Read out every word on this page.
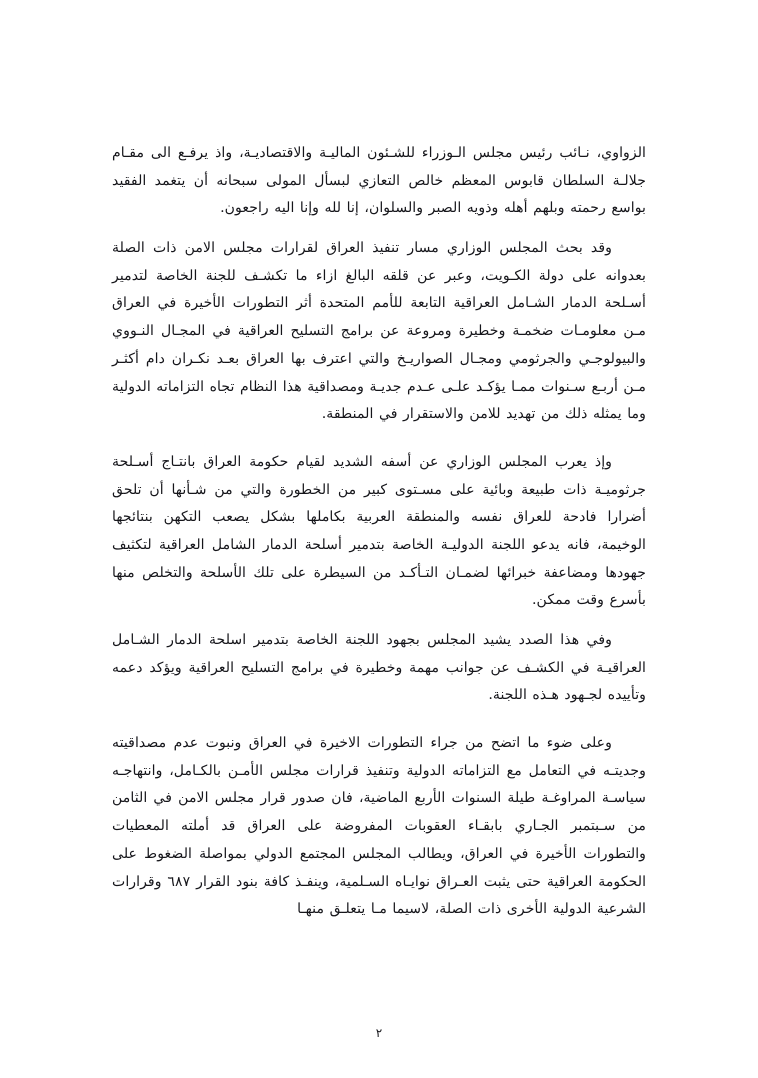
الزواوي، نـائب رئيس مجلس الـوزراء للشـئون الماليـة والاقتصاديـة، واذ يرفـع الى مقـام جلالـة السلطان قابوس المعظم خالص التعازي لبسأل المولى سبحانه أن يتغمد الفقيد بواسع رحمته وبلهم أهله وذويه الصبر والسلوان، إنا لله وإنا اليه راجعون.

وقد بحث المجلس الوزاري مسار تنفيذ العراق لقرارات مجلس الامن ذات الصلة بعدوانه على دولة الكـويت، وعبر عن قلقه البالغ ازاء ما تكشـف للجنة الخاصة لتدمير أسـلحة الدمار الشـامل العراقية التابعة للأمم المتحدة أثر التطورات الأخيرة في العراق مـن معلومـات ضخمـة وخطيرة ومروعة عن برامج التسليح العراقية في المجـال النـووي والبيولوجـي والجرثومي ومجـال الصواريـخ والتي اعترف بها العراق بعـد نكـران دام أكثـر مـن أربـع سـنوات ممـا يؤكـد علـى عـدم جديـة ومصداقية هذا النظام تجاه التزاماته الدولية وما يمثله ذلك من تهديد للامن والاستقرار في المنطقة.

وإذ يعرب المجلس الوزاري عن أسفه الشديد لقيام حكومة العراق بانتـاج أسـلحة جرثوميـة ذات طبيعة وبائية على مسـتوى كبير من الخطورة والتي من شـأنها أن تلحق أضرارا فادحة للعراق نفسه والمنطقة العربية بكاملها بشكل يصعب التكهن بنتائجها الوخيمة، فانه يدعو اللجنة الدوليـة الخاصة بتدمير أسلحة الدمار الشامل العراقية لتكثيف جهودها ومضاعفة خبرائها لضمـان التـأكـد من السيطرة على تلك الأسلحة والتخلص منها بأسرع وقت ممكن.

وفي هذا الصدد يشيد المجلس بجهود اللجنة الخاصة بتدمير اسلحة الدمار الشـامل العراقيـة في الكشـف عن جوانب مهمة وخطيرة في برامج التسليح العراقية ويؤكد دعمه وتأييده لجـهود هـذه اللجنة.

وعلى ضوء ما اتضح من جراء التطورات الاخيرة في العراق ونبوت عدم مصداقيته وجديتـه في التعامل مع التزاماته الدولية وتنفيذ قرارات مجلس الأمـن بالكـامل، وانتهاجـه سياسـة المراوغـة طيلة السنوات الأربع الماضية، فان صدور قرار مجلس الامن في الثامن من سـبتمبر الجـاري بابقـاء العقوبات المفروضة على العراق قد أملته المعطيات والتطورات الأخيرة في العراق، ويطالب المجلس المجتمع الدولي بمواصلة الضغوط على الحكومة العراقية حتى يثبت العـراق نوايـاه السـلمية، وينفـذ كافة بنود القرار ٦٨٧ وقرارات الشرعية الدولية الأخرى ذات الصلة، لاسيما مـا يتعلـق منهـا

٢
